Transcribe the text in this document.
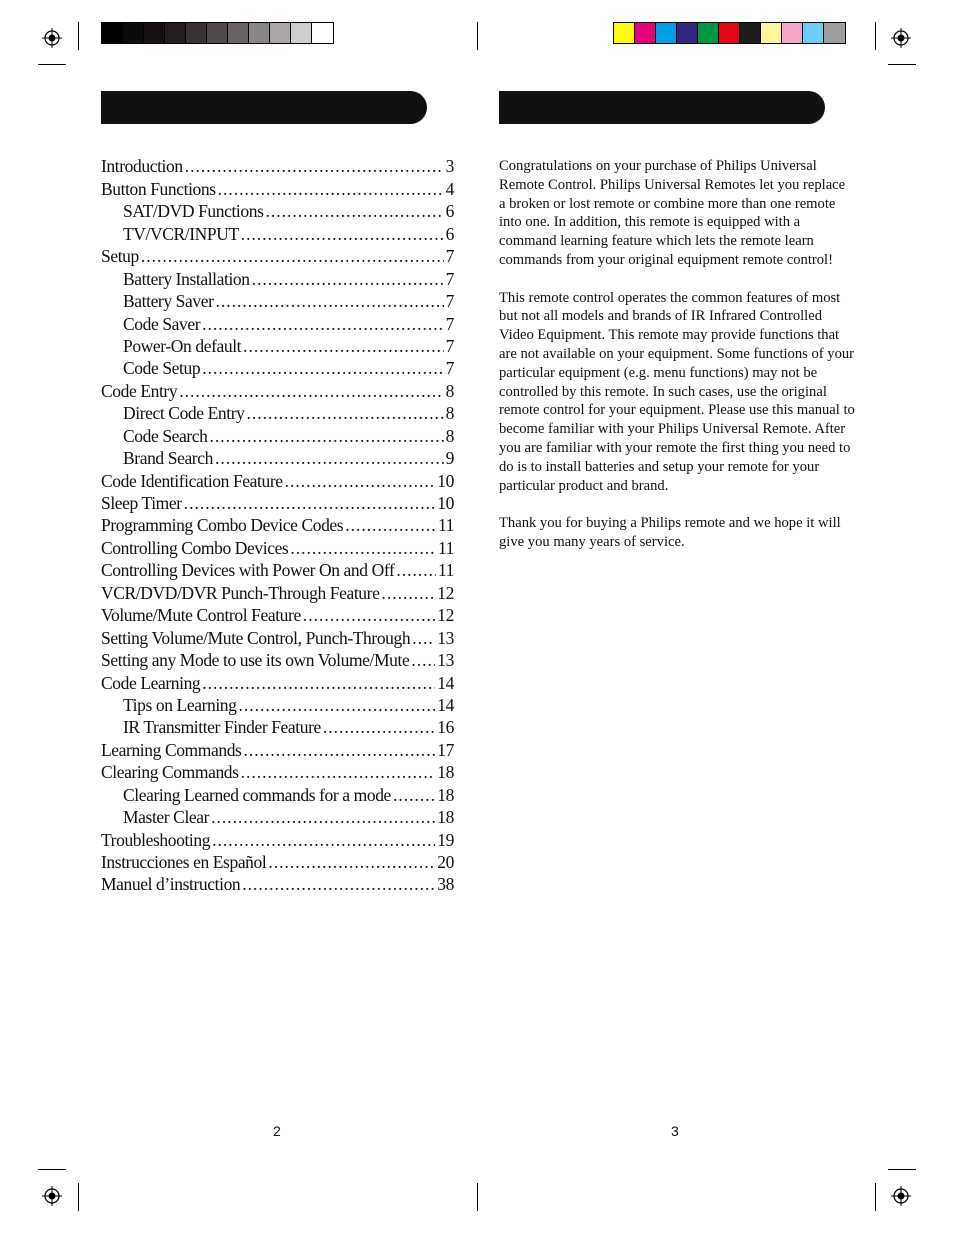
Introduction .....	3
Button Functions .....	4
SAT/DVD Functions .....	6
TV/VCR/INPUT .....	6
Setup .....	7
Battery Installation .....	7
Battery Saver .....	7
Code Saver .....	7
Power-On default .....	7
Code Setup .....	7
Code Entry .....	8
Direct Code Entry .....	8
Code Search .....	8
Brand Search .....	9
Code Identification Feature .....	10
Sleep Timer .....	10
Programming Combo Device Codes .....	11
Controlling Combo Devices .....	11
Controlling Devices with Power On and Off ..... 11
VCR/DVD/DVR Punch-Through Feature .....	12
Volume/Mute Control Feature .....	12
Setting Volume/Mute Control, Punch-Through ..... 13
Setting any Mode to use its own Volume/Mute ..... 13
Code Learning .....	14
Tips on Learning .....	14
IR Transmitter Finder Feature .....	16
Learning Commands .....	17
Clearing Commands .....	18
Clearing Learned commands for a mode .....	18
Master Clear .....	18
Troubleshooting .....	19
Instrucciones en Español .....	20
Manuel d’instruction .....	38

Congratulations on your purchase of Philips Universal Remote Control. Philips Universal Remotes let you replace a broken or lost remote or combine more than one remote into one. In addition, this remote is equipped with a command learning feature which lets the remote learn commands from your original equipment remote control!

This remote control operates the common features of most but not all models and brands of IR Infrared Controlled Video Equipment. This remote may provide functions that are not available on your equipment. Some functions of your particular equipment (e.g. menu functions) may not be controlled by this remote. In such cases, use the original remote control for your equipment. Please use this manual to become familiar with your Philips Universal Remote. After you are familiar with your remote the first thing you need to do is to install batteries and setup your remote for your particular product and brand.

Thank you for buying a Philips remote and we hope it will give you many years of service.

2	3
